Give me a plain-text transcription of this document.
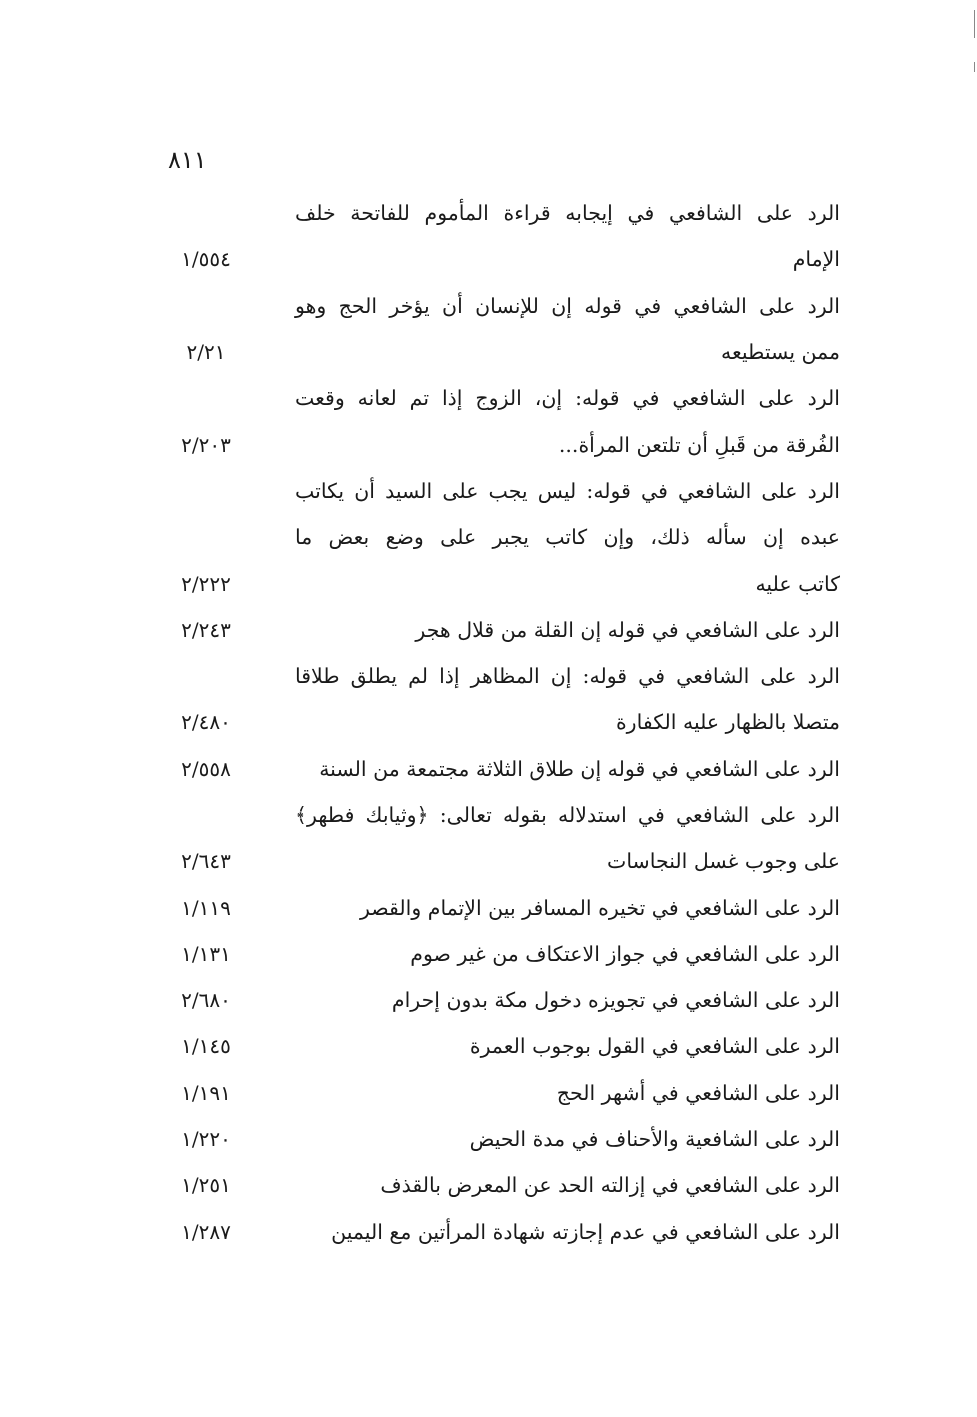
٨١١
الرد على الشافعي في إيجابه قراءة المأموم للفاتحة خلف
الإمام
١/٥٥٤
الرد على الشافعي في قوله إن للإنسان أن يؤخر الحج وهو
ممن يستطيعه
٢/٢١
الرد على الشافعي في قوله: إن، الزوج إذا تم لعانه وقعت
الفُرقة من قَبلِ أن تلتعن المرأة...
٢/٢٠٣
الرد على الشافعي في قوله: ليس يجب على السيد أن يكاتب
عبده إن سأله ذلك، وإن كاتب يجبر على وضع بعض ما
كاتب عليه
٢/٢٢٢
الرد على الشافعي في قوله إن القلة من قلال هجر
٢/٢٤٣
الرد على الشافعي في قوله: إن المظاهر إذا لم يطلق طلاقا
متصلا بالظهار عليه الكفارة
٢/٤٨٠
الرد على الشافعي في قوله إن طلاق الثلاثة مجتمعة من السنة
٢/٥٥٨
الرد على الشافعي في استدلاله بقوله تعالى: ﴿وثيابك فطهر﴾
على وجوب غسل النجاسات
٢/٦٤٣
الرد على الشافعي في تخيره المسافر بين الإتمام والقصر
١/١١٩
الرد على الشافعي في جواز الاعتكاف من غير صوم
١/١٣١
الرد على الشافعي في تجويزه دخول مكة بدون إحرام
٢/٦٨٠
الرد على الشافعي في القول بوجوب العمرة
١/١٤٥
الرد على الشافعي في أشهر الحج
١/١٩١
الرد على الشافعية والأحناف في مدة الحيض
١/٢٢٠
الرد على الشافعي في إزالته الحد عن المعرض بالقذف
١/٢٥١
الرد على الشافعي في عدم إجازته شهادة المرأتين مع اليمين
١/٢٨٧
